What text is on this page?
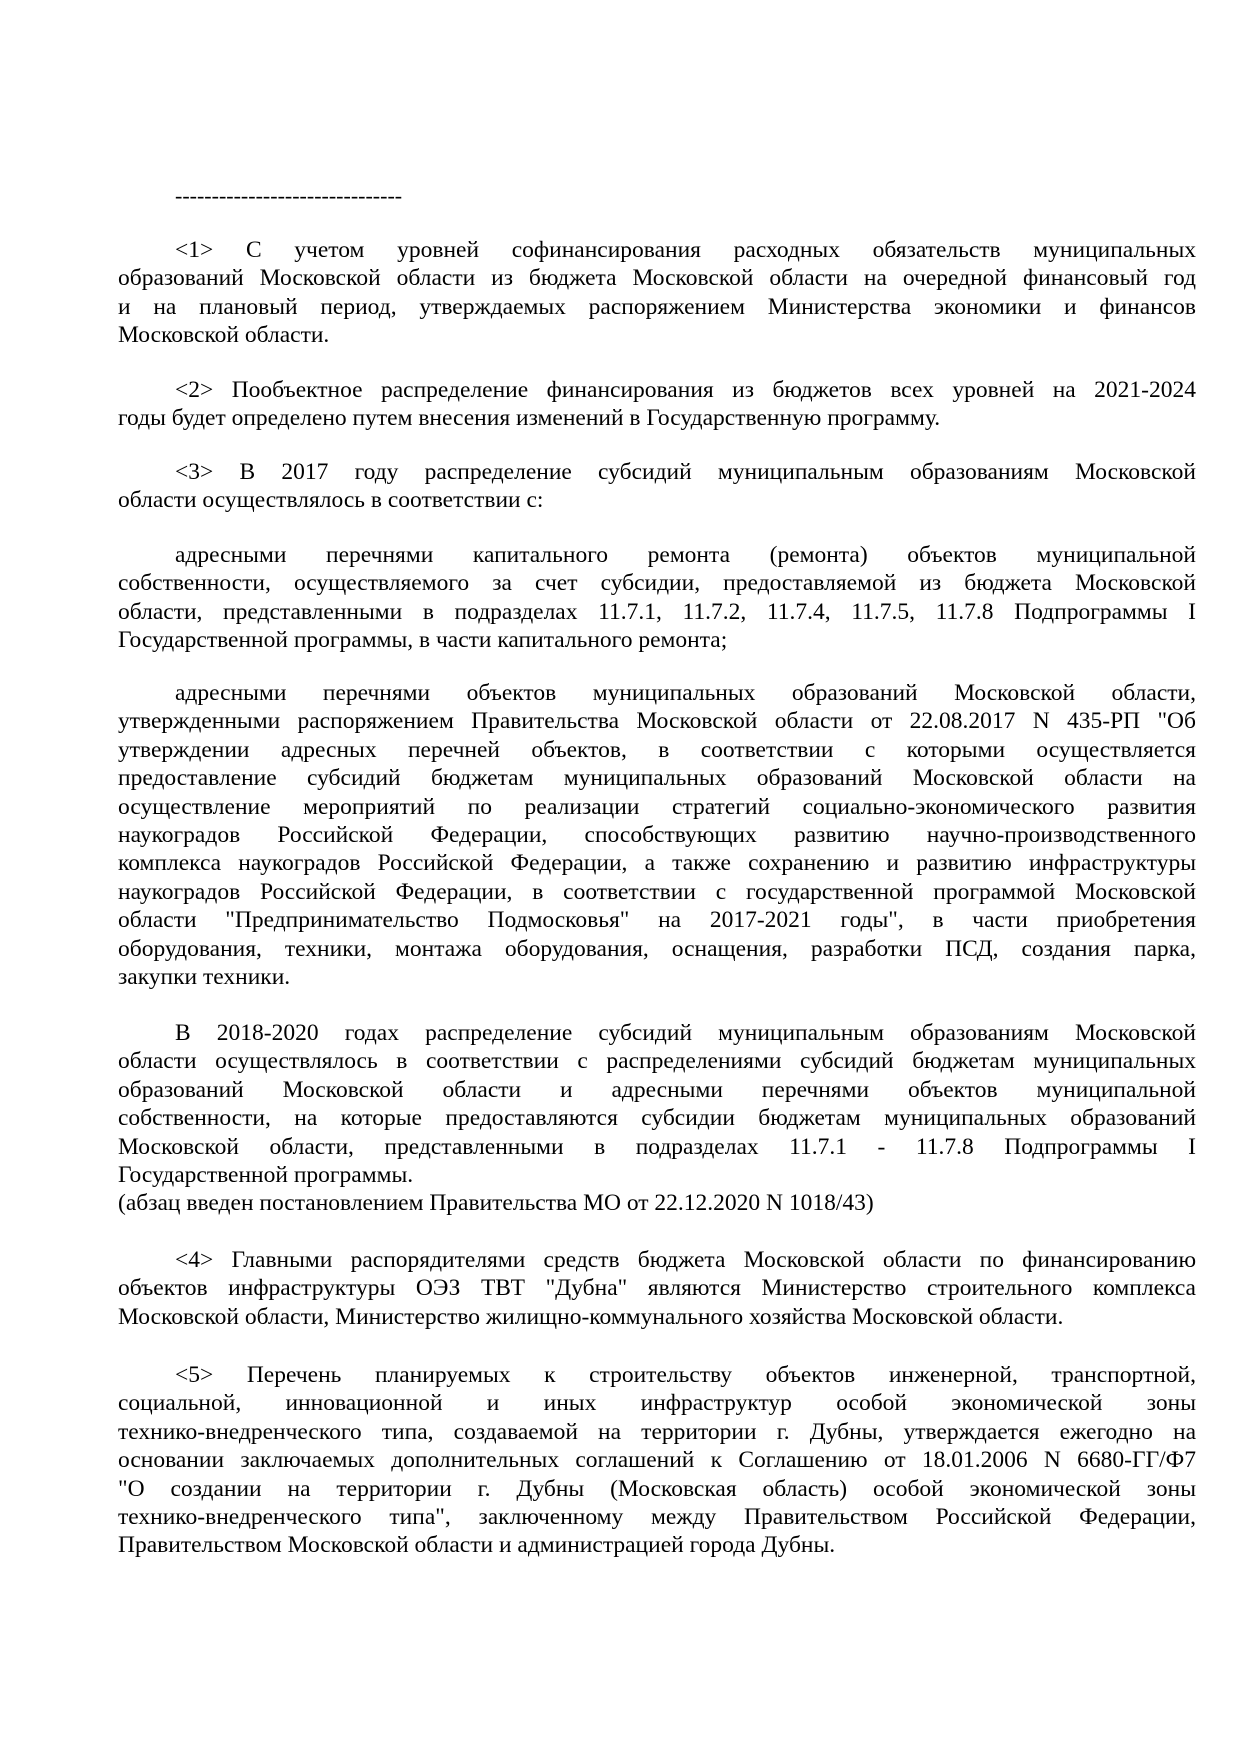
-------------------------------
<1> С учетом уровней софинансирования расходных обязательств муниципальных
образований Московской области из бюджета Московской области на очередной финансовый год
и на плановый период, утверждаемых распоряжением Министерства экономики и финансов
Московской области.
<2> Пообъектное распределение финансирования из бюджетов всех уровней на 2021-2024
годы будет определено путем внесения изменений в Государственную программу.
<3> В 2017 году распределение субсидий муниципальным образованиям Московской
области осуществлялось в соответствии с:
адресными перечнями капитального ремонта (ремонта) объектов муниципальной
собственности, осуществляемого за счет субсидии, предоставляемой из бюджета Московской
области, представленными в подразделах 11.7.1, 11.7.2, 11.7.4, 11.7.5, 11.7.8 Подпрограммы I
Государственной программы, в части капитального ремонта;
адресными перечнями объектов муниципальных образований Московской области,
утвержденными распоряжением Правительства Московской области от 22.08.2017 N 435-РП "Об
утверждении адресных перечней объектов, в соответствии с которыми осуществляется
предоставление субсидий бюджетам муниципальных образований Московской области на
осуществление мероприятий по реализации стратегий социально-экономического развития
наукоградов Российской Федерации, способствующих развитию научно-производственного
комплекса наукоградов Российской Федерации, а также сохранению и развитию инфраструктуры
наукоградов Российской Федерации, в соответствии с государственной программой Московской
области "Предпринимательство Подмосковья" на 2017-2021 годы", в части приобретения
оборудования, техники, монтажа оборудования, оснащения, разработки ПСД, создания парка,
закупки техники.
В 2018-2020 годах распределение субсидий муниципальным образованиям Московской
области осуществлялось в соответствии с распределениями субсидий бюджетам муниципальных
образований Московской области и адресными перечнями объектов муниципальной
собственности, на которые предоставляются субсидии бюджетам муниципальных образований
Московской области, представленными в подразделах 11.7.1 - 11.7.8 Подпрограммы I
Государственной программы.
(абзац введен постановлением Правительства МО от 22.12.2020 N 1018/43)
<4> Главными распорядителями средств бюджета Московской области по финансированию
объектов инфраструктуры ОЭЗ ТВТ "Дубна" являются Министерство строительного комплекса
Московской области, Министерство жилищно-коммунального хозяйства Московской области.
<5> Перечень планируемых к строительству объектов инженерной, транспортной,
социальной, инновационной и иных инфраструктур особой экономической зоны
технико-внедренческого типа, создаваемой на территории г. Дубны, утверждается ежегодно на
основании заключаемых дополнительных соглашений к Соглашению от 18.01.2006 N 6680-ГГ/Ф7
"О создании на территории г. Дубны (Московская область) особой экономической зоны
технико-внедренческого типа", заключенному между Правительством Российской Федерации,
Правительством Московской области и администрацией города Дубны.
